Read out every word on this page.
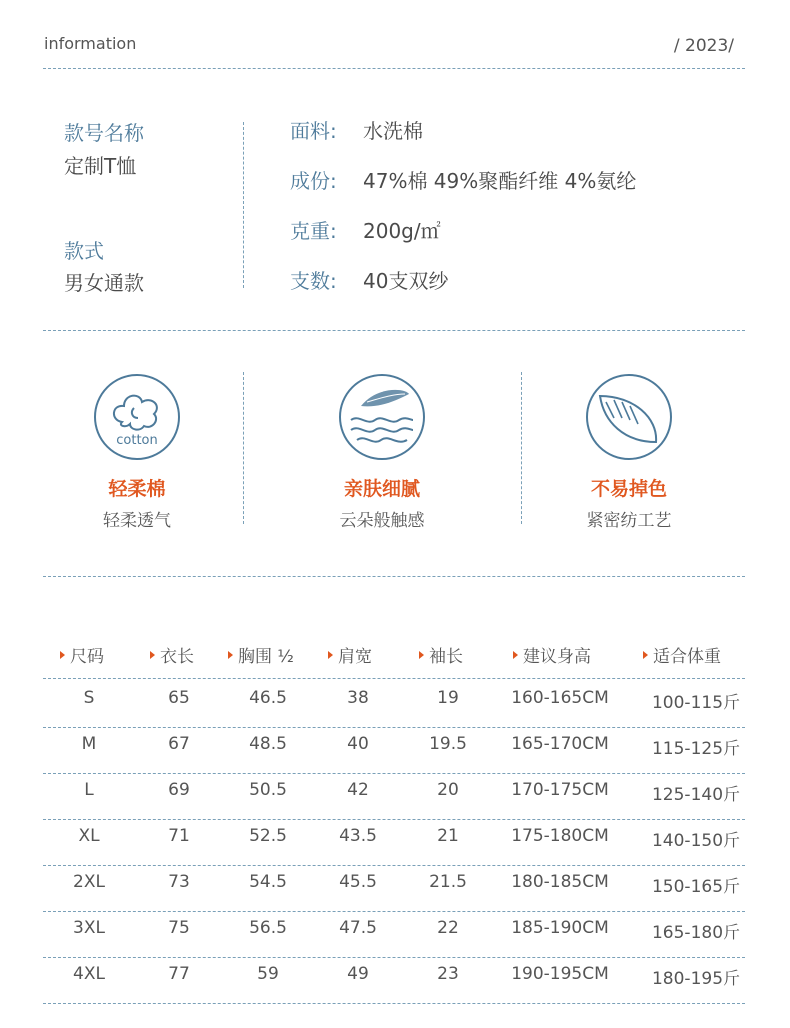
information	/ 2023/
款号名称
定制T恤
款式
男女通款
面料: 水洗棉
成份: 47%棉 49%聚酯纤维 4%氨纶
克重: 200g/㎡
支数: 40支双纱
cotton
轻柔棉
轻柔透气
亲肤细腻
云朵般触感
不易掉色
紧密纺工艺
尺码	衣长	胸围 ½	肩宽	袖长	建议身高	适合体重
S	65	46.5	38	19	160-165CM	100-115斤
M	67	48.5	40	19.5	165-170CM	115-125斤
L	69	50.5	42	20	170-175CM	125-140斤
XL	71	52.5	43.5	21	175-180CM	140-150斤
2XL	73	54.5	45.5	21.5	180-185CM	150-165斤
3XL	75	56.5	47.5	22	185-190CM	165-180斤
4XL	77	59	49	23	190-195CM	180-195斤
